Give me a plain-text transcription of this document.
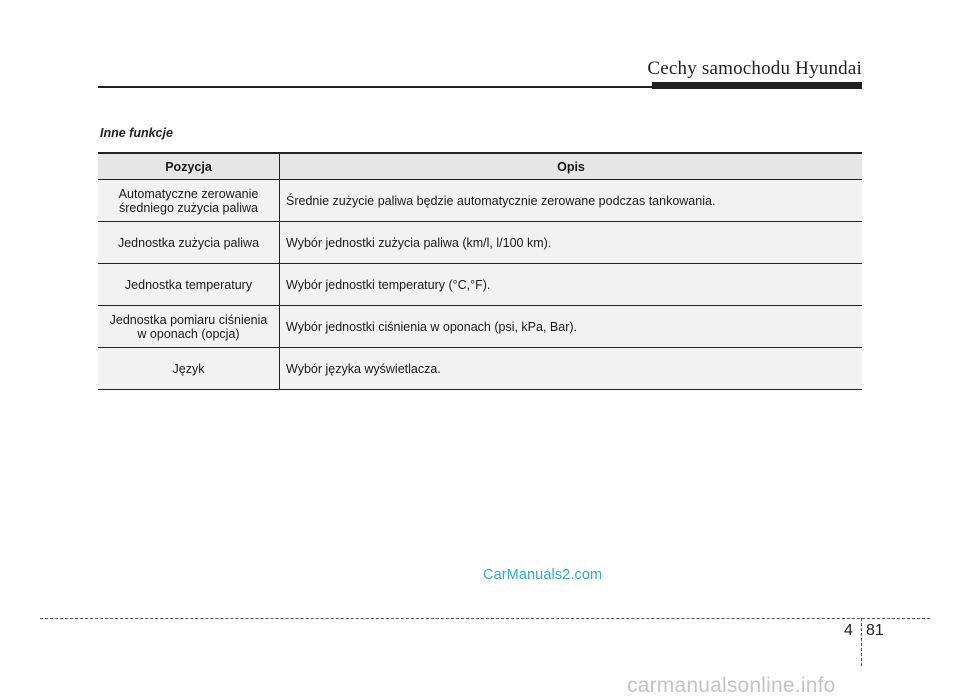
Cechy samochodu Hyundai
Inne funkcje
Pozycja	Opis
Automatyczne zerowanie
średniego zużycia paliwa	Średnie zużycie paliwa będzie automatycznie zerowane podczas tankowania.
Jednostka zużycia paliwa	Wybór jednostki zużycia paliwa (km/l, l/100 km).
Jednostka temperatury	Wybór jednostki temperatury (°C,°F).
Jednostka pomiaru ciśnienia
w oponach (opcja)	Wybór jednostki ciśnienia w oponach (psi, kPa, Bar).
Język	Wybór języka wyświetlacza.
CarManuals2.com
4 81
carmanualsonline.info
